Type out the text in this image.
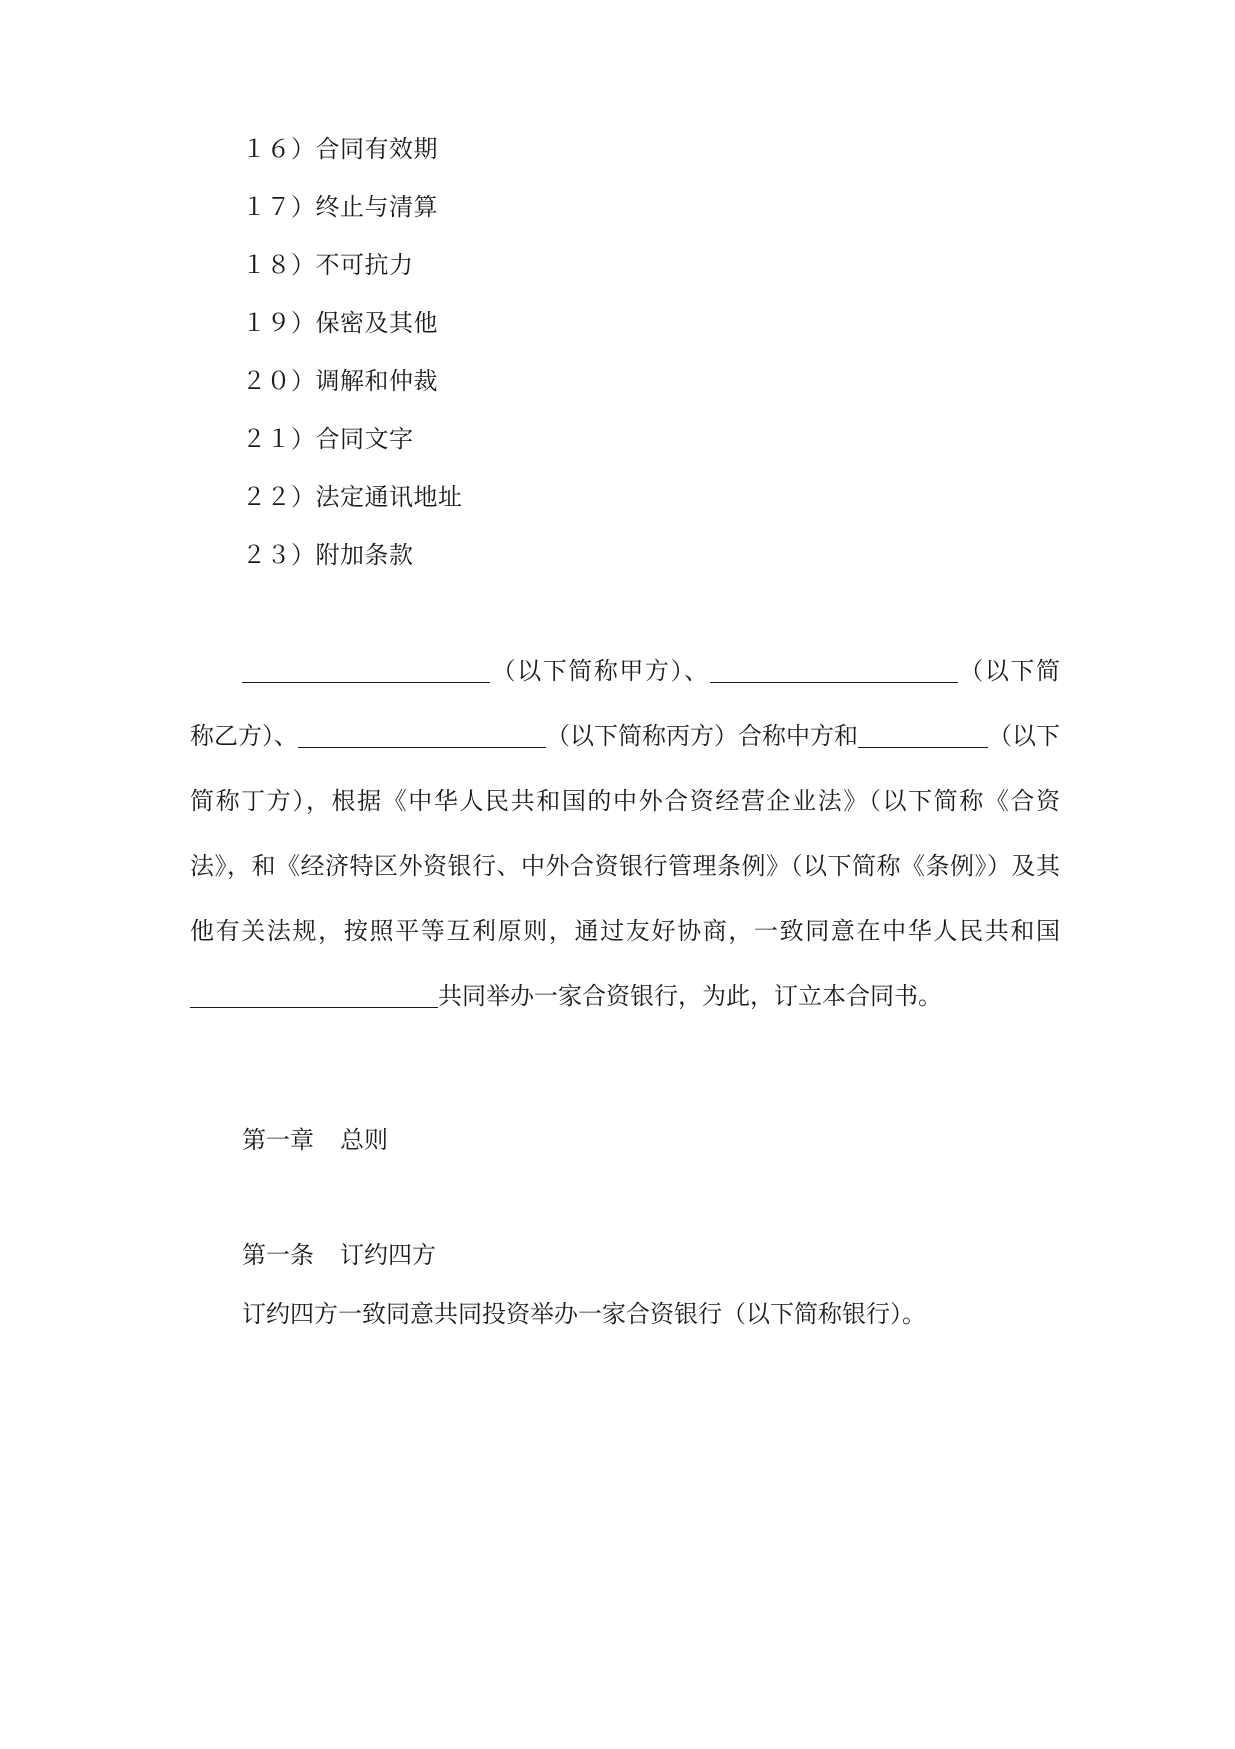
１６）合同有效期
１７）终止与清算
１８）不可抗力
１９）保密及其他
２０）调解和仲裁
２１）合同文字
２２）法定通讯地址
２３）附加条款
（以下简称甲方）、	（以下简称乙方）、	（以下简称丙方）合称中方和	（以下简称丁方），根据《中华人民共和国的中外合资经营企业法》（以下简称《合资法》，和《经济特区外资银行、中外合资银行管理条例》（以下简称《条例》）及其他有关法规，按照平等互利原则，通过友好协商，一致同意在中华人民共和国共同举办一家合资银行，为此，订立本合同书。
第一章 总则
第一条 订约四方
订约四方一致同意共同投资举办一家合资银行（以下简称银行）。
